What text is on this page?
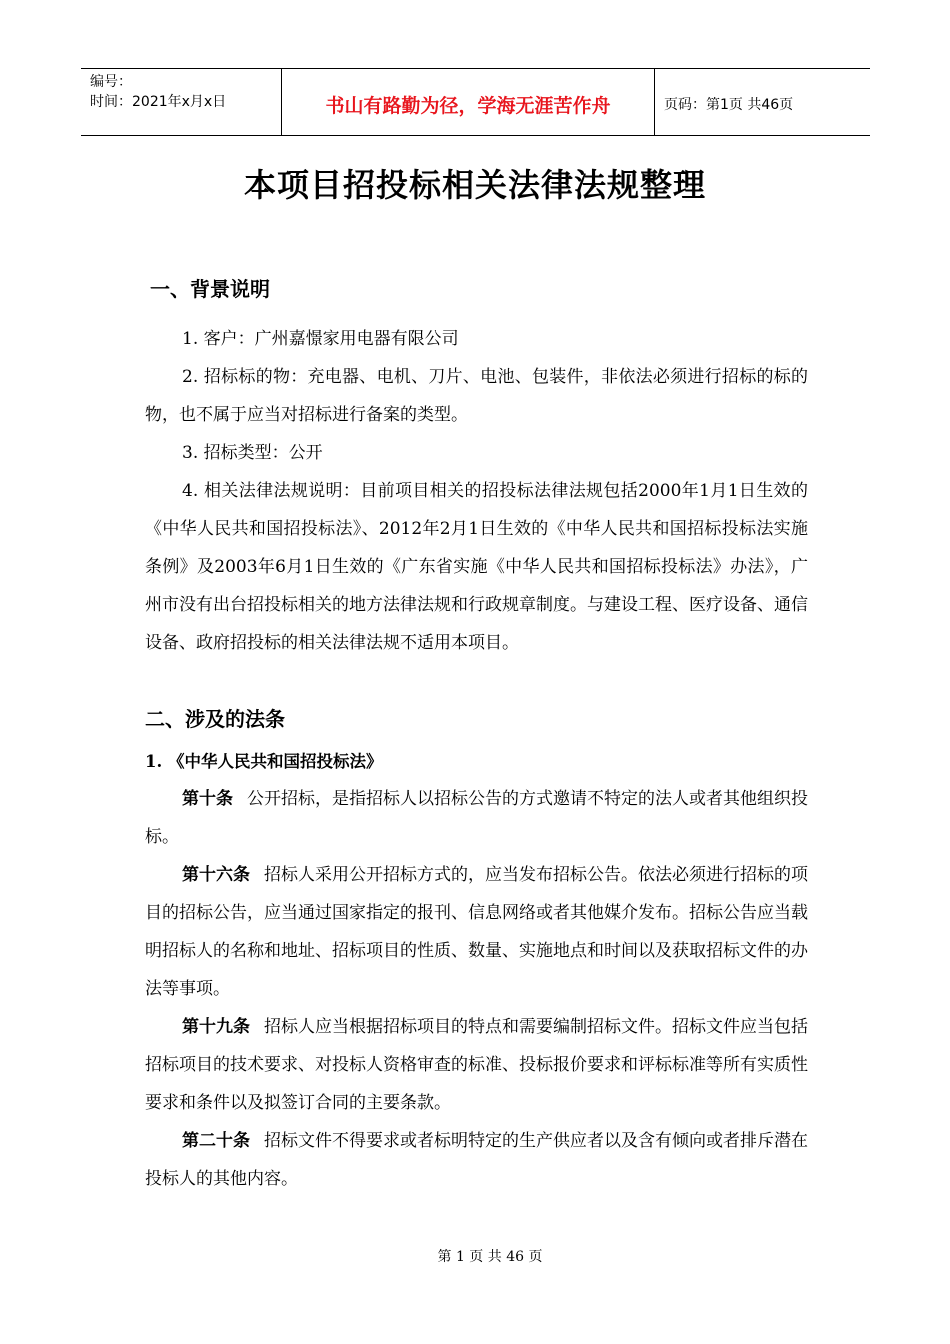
编号：
时间：2021年x月x日	书山有路勤为径，学海无涯苦作舟	页码：第1页 共46页
本项目招投标相关法律法规整理
一、背景说明
1. 客户：广州嘉憬家用电器有限公司
2. 招标标的物：充电器、电机、刀片、电池、包装件，非依法必须进行招标的标的物，也不属于应当对招标进行备案的类型。
3. 招标类型：公开
4. 相关法律法规说明：目前项目相关的招投标法律法规包括2000年1月1日生效的《中华人民共和国招投标法》、2012年2月1日生效的《中华人民共和国招标投标法实施条例》及2003年6月1日生效的《广东省实施《中华人民共和国招标投标法》办法》，广州市没有出台招投标相关的地方法律法规和行政规章制度。与建设工程、医疗设备、通信设备、政府招投标的相关法律法规不适用本项目。
二、涉及的法条
1. 《中华人民共和国招投标法》
第十条 公开招标，是指招标人以招标公告的方式邀请不特定的法人或者其他组织投标。
第十六条 招标人采用公开招标方式的，应当发布招标公告。依法必须进行招标的项目的招标公告，应当通过国家指定的报刊、信息网络或者其他媒介发布。招标公告应当载明招标人的名称和地址、招标项目的性质、数量、实施地点和时间以及获取招标文件的办法等事项。
第十九条 招标人应当根据招标项目的特点和需要编制招标文件。招标文件应当包括招标项目的技术要求、对投标人资格审查的标准、投标报价要求和评标标准等所有实质性要求和条件以及拟签订合同的主要条款。
第二十条 招标文件不得要求或者标明特定的生产供应者以及含有倾向或者排斥潜在投标人的其他内容。
第 1 页 共 46 页
